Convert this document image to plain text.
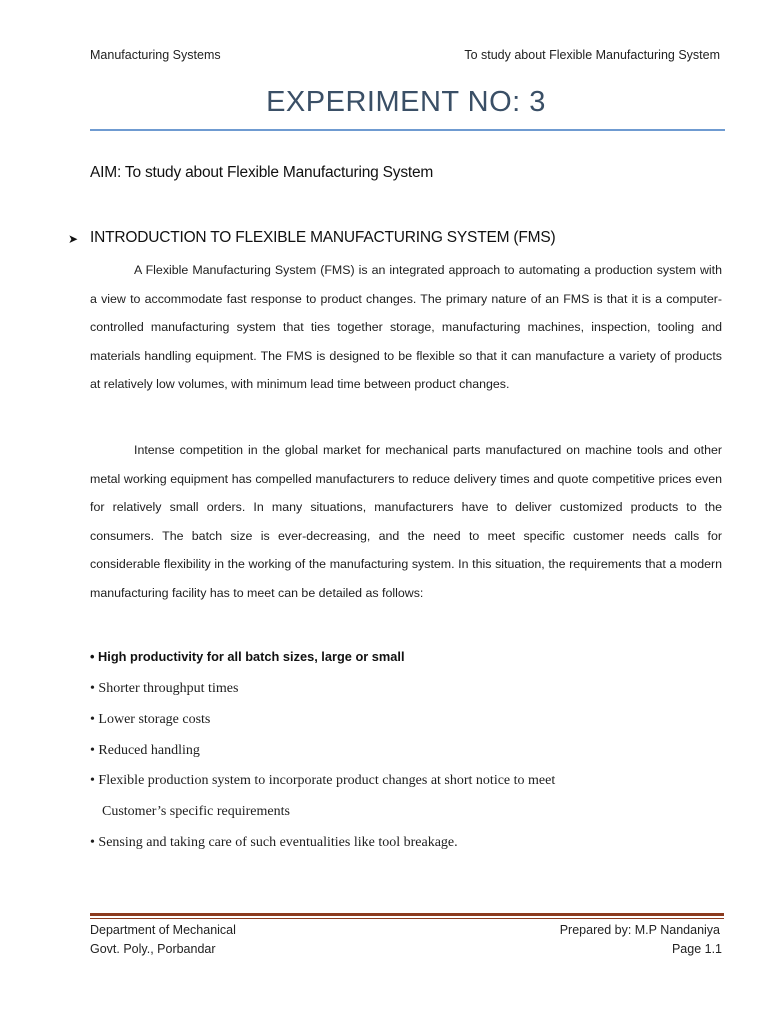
Manufacturing Systems	To study about Flexible Manufacturing System
EXPERIMENT NO: 3
AIM: To study about Flexible Manufacturing System
➤ INTRODUCTION TO FLEXIBLE MANUFACTURING SYSTEM (FMS)

A Flexible Manufacturing System (FMS) is an integrated approach to automating a production system with a view to accommodate fast response to product changes. The primary nature of an FMS is that it is a computer-controlled manufacturing system that ties together storage, manufacturing machines, inspection, tooling and materials handling equipment. The FMS is designed to be flexible so that it can manufacture a variety of products at relatively low volumes, with minimum lead time between product changes.

Intense competition in the global market for mechanical parts manufactured on machine tools and other metal working equipment has compelled manufacturers to reduce delivery times and quote competitive prices even for relatively small orders. In many situations, manufacturers have to deliver customized products to the consumers. The batch size is ever-decreasing, and the need to meet specific customer needs calls for considerable flexibility in the working of the manufacturing system. In this situation, the requirements that a modern manufacturing facility has to meet can be detailed as follows:

• High productivity for all batch sizes, large or small
• Shorter throughput times
• Lower storage costs
• Reduced handling
• Flexible production system to incorporate product changes at short notice to meet
Customer’s specific requirements
• Sensing and taking care of such eventualities like tool breakage.
Department of Mechanical
Govt. Poly., Porbandar
Prepared by: M.P Nandaniya
Page 1.1
